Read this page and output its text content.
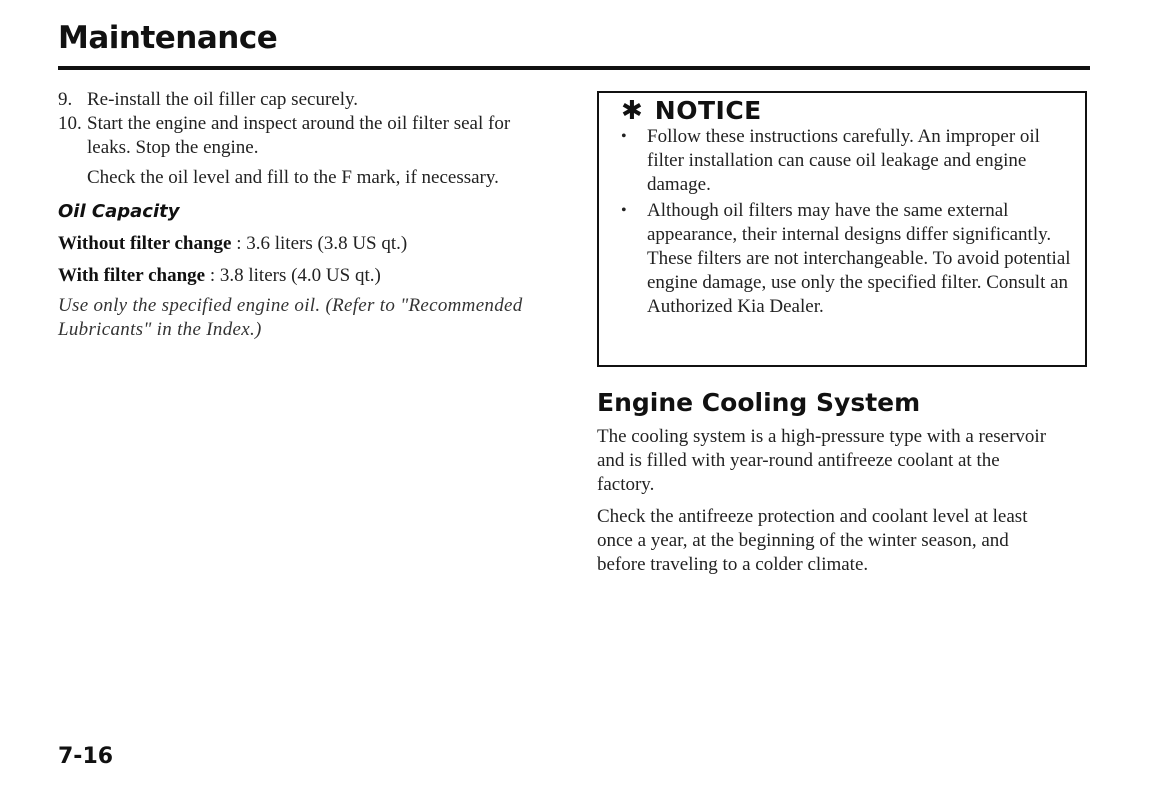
Maintenance
9. Re-install the oil filler cap securely.
10. Start the engine and inspect around the oil filter seal for leaks. Stop the engine.
Check the oil level and fill to the F mark, if necessary.
Oil Capacity
Without filter change : 3.6 liters (3.8 US qt.)
With filter change : 3.8 liters (4.0 US qt.)
Use only the specified engine oil. (Refer to "Recommended Lubricants" in the Index.)
✱ NOTICE
•	Follow these instructions carefully. An improper oil filter installation can cause oil leakage and engine damage.
•	Although oil filters may have the same external appearance, their internal designs differ significantly. These filters are not interchangeable. To avoid potential engine damage, use only the specified filter. Consult an Authorized Kia Dealer.
Engine Cooling System

The cooling system is a high-pressure type with a reservoir and is filled with year-round antifreeze coolant at the factory.

Check the antifreeze protection and coolant level at least once a year, at the beginning of the winter season, and before traveling to a colder climate.

7-16
